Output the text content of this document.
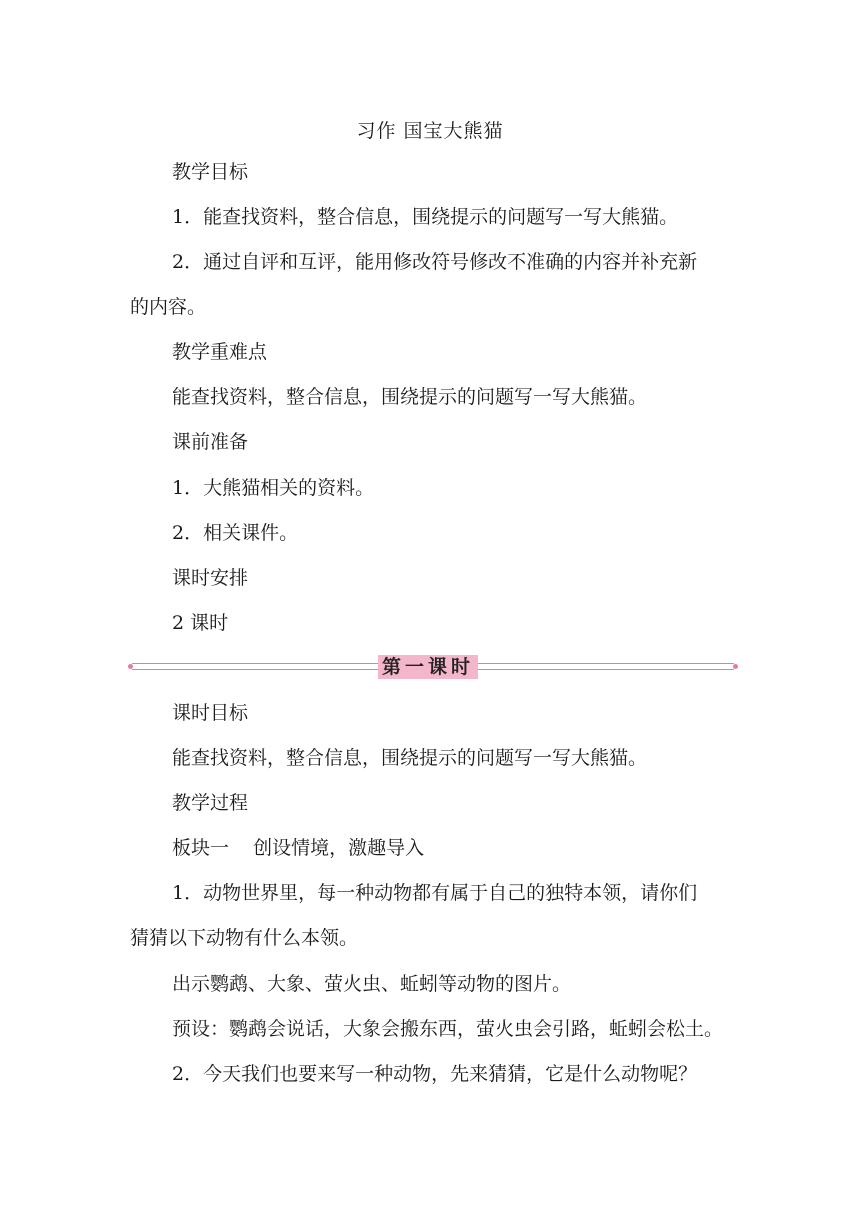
习作 国宝大熊猫
教学目标
1．能查找资料，整合信息，围绕提示的问题写一写大熊猫。
2．通过自评和互评，能用修改符号修改不准确的内容并补充新
的内容。
教学重难点
能查找资料，整合信息，围绕提示的问题写一写大熊猫。
课前准备
1．大熊猫相关的资料。
2．相关课件。
课时安排
2 课时
第一课时
课时目标
能查找资料，整合信息，围绕提示的问题写一写大熊猫。
教学过程
板块一    创设情境，激趣导入
1．动物世界里，每一种动物都有属于自己的独特本领，请你们
猜猜以下动物有什么本领。
出示鹦鹉、大象、萤火虫、蚯蚓等动物的图片。
预设：鹦鹉会说话，大象会搬东西，萤火虫会引路，蚯蚓会松土。
2．今天我们也要来写一种动物，先来猜猜，它是什么动物呢？
